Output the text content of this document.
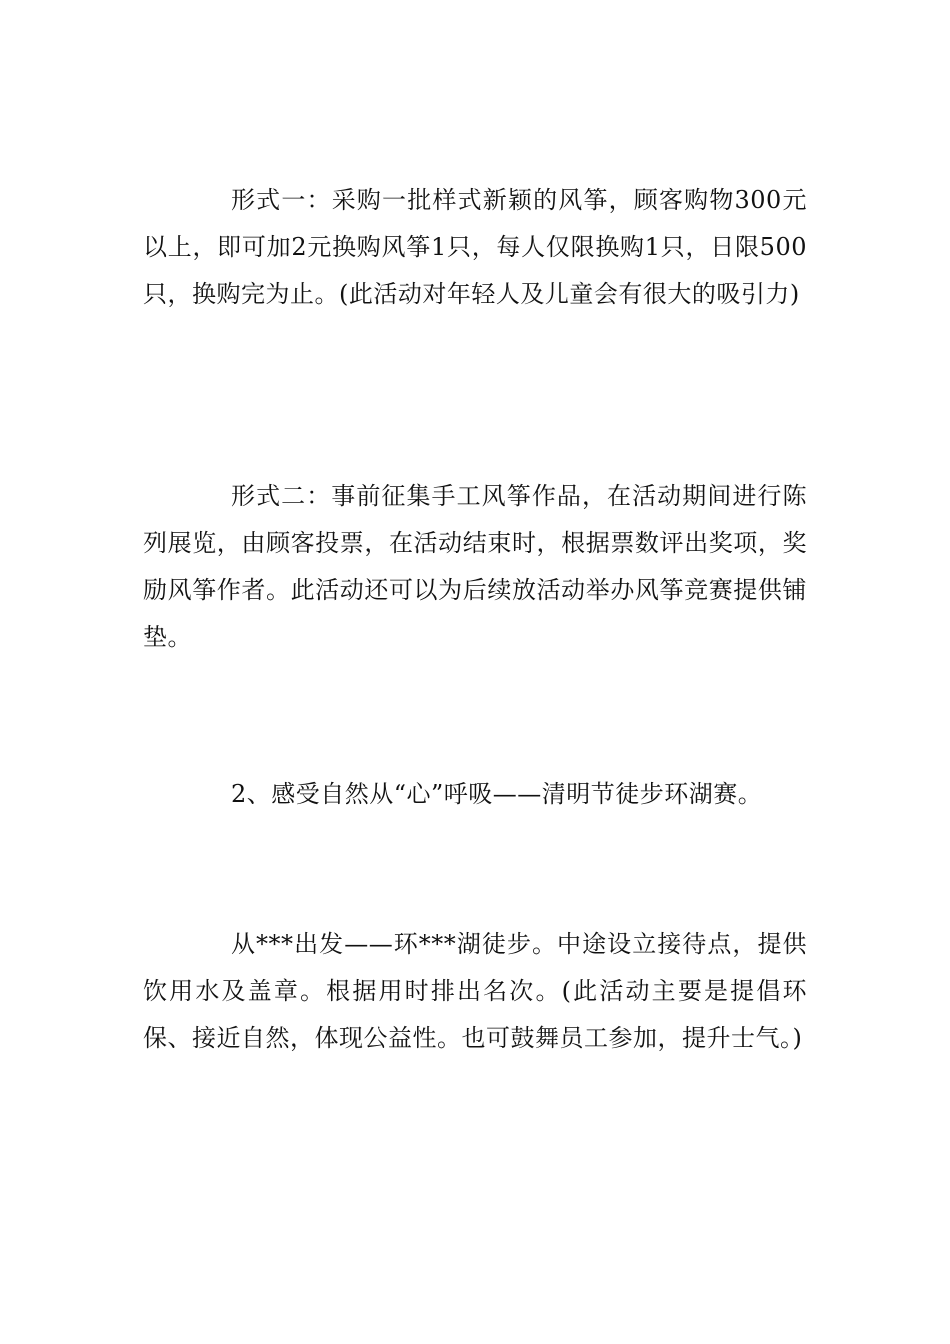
形式一：采购一批样式新颖的风筝，顾客购物300元以上，即可加2元换购风筝1只，每人仅限换购1只，日限500只，换购完为止。(此活动对年轻人及儿童会有很大的吸引力)

形式二：事前征集手工风筝作品，在活动期间进行陈列展览，由顾客投票，在活动结束时，根据票数评出奖项，奖励风筝作者。此活动还可以为后续放活动举办风筝竞赛提供铺垫。

2、感受自然从“心”呼吸——清明节徒步环湖赛。

从***出发——环***湖徒步。中途设立接待点，提供饮用水及盖章。根据用时排出名次。(此活动主要是提倡环保、接近自然，体现公益性。也可鼓舞员工参加，提升士气。)
